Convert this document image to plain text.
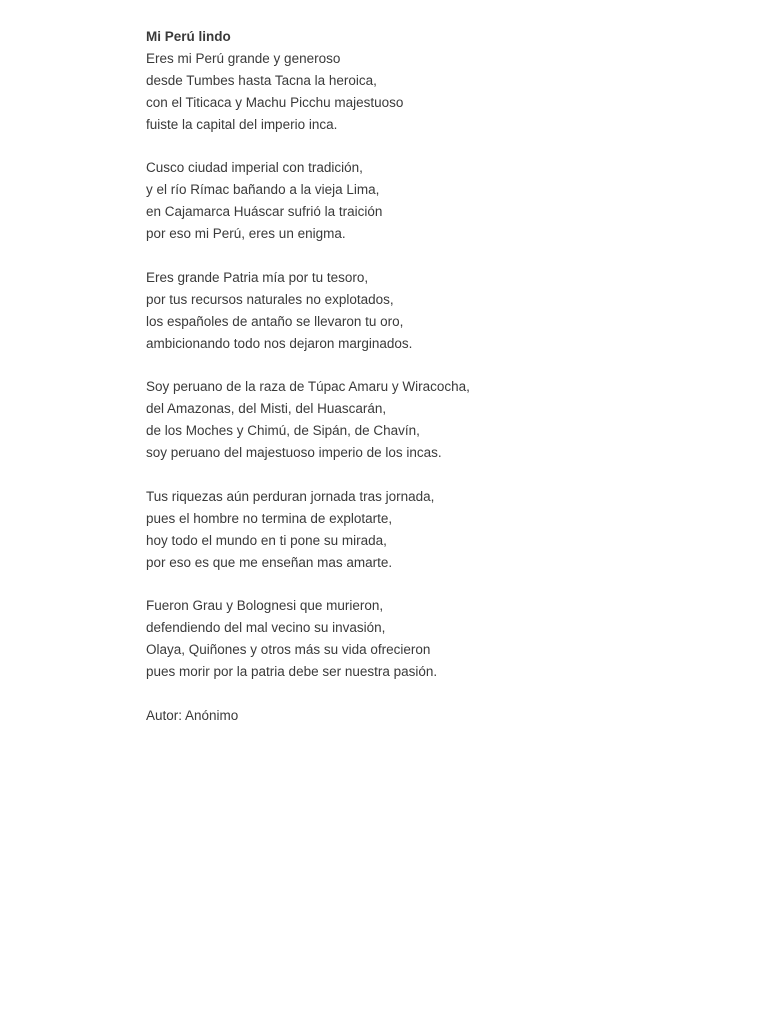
Mi Perú lindo
Eres mi Perú grande y generoso
desde Tumbes hasta Tacna la heroica,
con el Titicaca y Machu Picchu majestuoso
fuiste la capital del imperio inca.
Cusco ciudad imperial con tradición,
y el río Rímac bañando a la vieja Lima,
en Cajamarca Huáscar sufrió la traición
por eso mi Perú, eres un enigma.
Eres grande Patria mía por tu tesoro,
por tus recursos naturales no explotados,
los españoles de antaño se llevaron tu oro,
ambicionando todo nos dejaron marginados.
Soy peruano de la raza de Túpac Amaru y Wiracocha,
del Amazonas, del Misti, del Huascarán,
de los Moches y Chimú, de Sipán, de Chavín,
soy peruano del majestuoso imperio de los incas.
Tus riquezas aún perduran jornada tras jornada,
pues el hombre no termina de explotarte,
hoy todo el mundo en ti pone su mirada,
por eso es que me enseñan mas amarte.
Fueron Grau y Bolognesi que murieron,
defendiendo del mal vecino su invasión,
Olaya, Quiñones y otros más su vida ofrecieron
pues morir por la patria debe ser nuestra pasión.
Autor: Anónimo
